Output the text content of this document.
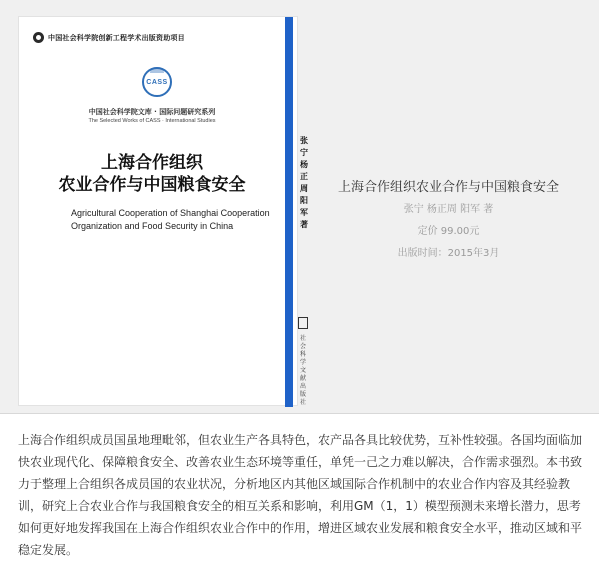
中国社会科学院创新工程学术出版资助项目
CASS
中国社会科学院文库 · 国际问题研究系列
The Selected Works of CASS · International Studies
上海合作组织
农业合作与中国粮食安全
Agricultural Cooperation of Shanghai Cooperation Organization and Food Security in China
张宁 杨正周 阳军 著
社会科学文献出版社
上海合作组织农业合作与中国粮食安全
张宁 杨正周 阳军 著
定价 99.00元
出版时间：2015年3月
上海合作组织成员国虽地理毗邻，但农业生产各具特色，农产品各具比较优势，互补性较强。各国均面临加快农业现代化、保障粮食安全、改善农业生态环境等重任，单凭一己之力难以解决，合作需求强烈。本书致力于整理上合组织各成员国的农业状况，分析地区内其他区域国际合作机制中的农业合作内容及其经验教训，研究上合农业合作与我国粮食安全的相互关系和影响，利用GM（1，1）模型预测未来增长潜力，思考如何更好地发挥我国在上海合作组织农业合作中的作用，增进区域农业发展和粮食安全水平，推动区域和平稳定发展。
